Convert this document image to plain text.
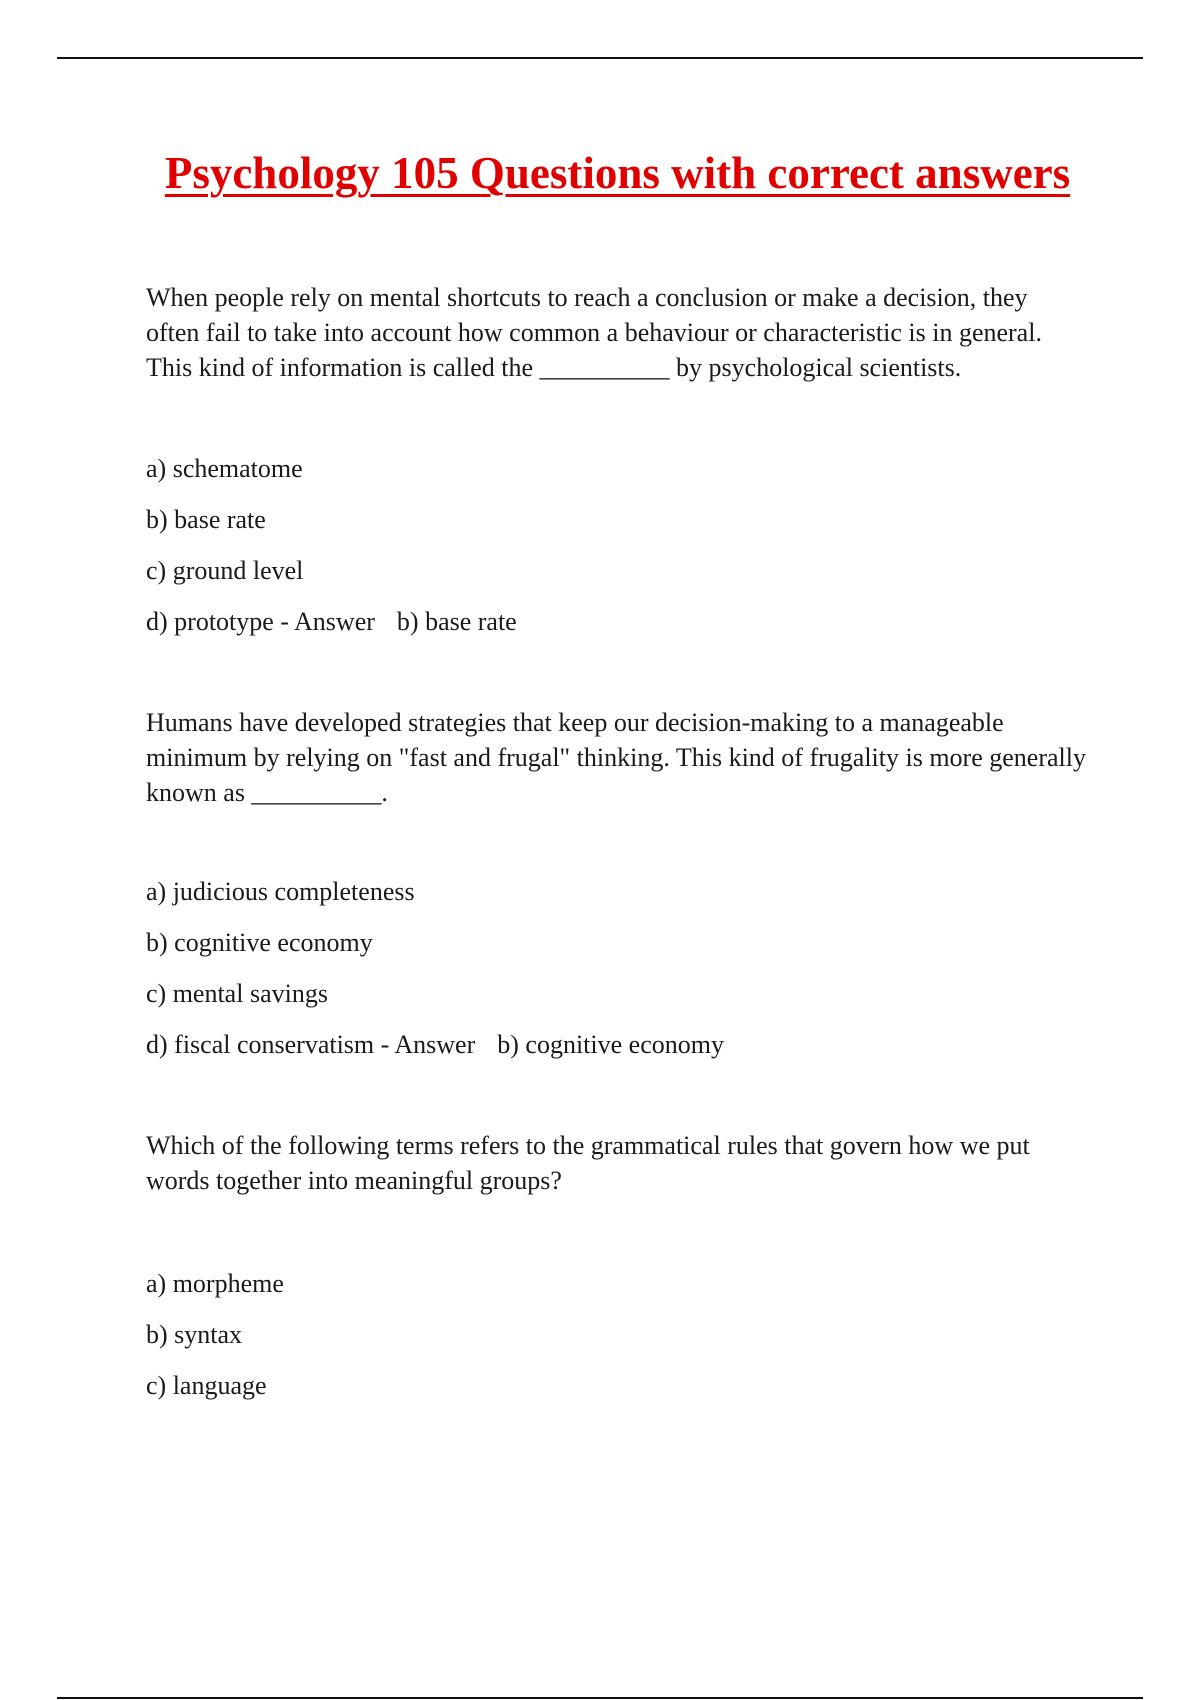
Psychology 105 Questions with correct answers

When people rely on mental shortcuts to reach a conclusion or make a decision, they often fail to take into account how common a behaviour or characteristic is in general. This kind of information is called the __________ by psychological scientists.

a) schematome
b) base rate
c) ground level
d) prototype - Answer b) base rate

Humans have developed strategies that keep our decision-making to a manageable minimum by relying on "fast and frugal" thinking. This kind of frugality is more generally known as __________.

a) judicious completeness
b) cognitive economy
c) mental savings
d) fiscal conservatism - Answer b) cognitive economy

Which of the following terms refers to the grammatical rules that govern how we put words together into meaningful groups?

a) morpheme
b) syntax
c) language
